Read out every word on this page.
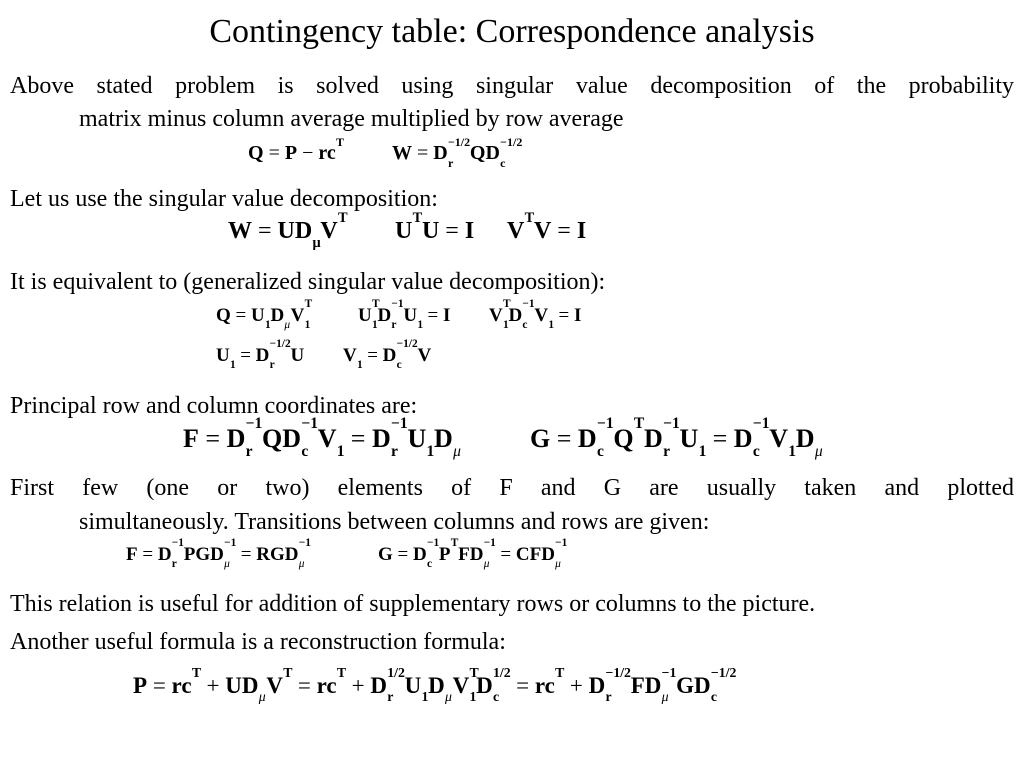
Contingency table: Correspondence analysis
Above stated problem is solved using singular value decomposition of the probability
matrix minus column average multiplied by row average
Q = P − rc T W = D −1/2
r QD −1/2
c
Let us use the singular value decomposition:
W = UD μ V
T
U
T
U = I V
T
V = I
It is equivalent to (generalized singular value decomposition):
Q = U 1 D μ V
T
1	U
T
1 D
−1
r U 1 = I V
T
1 D
−1
c V 1 = I
U 1 = D
−1/2
r U V 1 = D
−1/2
c V
Principal row and column coordinates are:
F = D
−1
r QD
−1
c V 1 = D
−1
r U 1 D μ	G = D
−1
c Q
T
D
−1
r U 1 = D
−1
c V 1 D μ
First few (one or two) elements of F and G are usually taken and plotted
simultaneously. Transitions between columns and rows are given:
F = D
−1
r PGD
−1
μ = RGD
−1
μ	G = D
−1
c P
T
FD
−1
μ = CFD
−1
μ
This relation is useful for addition of supplementary rows or columns to the picture.
Another useful formula is a reconstruction formula:
P = rc
T
+ UD μ V
T
= rc
T
+ D
1/2
r U 1 D μ V
T
1 D
1/2
c = rc
T
+ D
−1/2
r FD
−1
μ GD
−1/2
c
